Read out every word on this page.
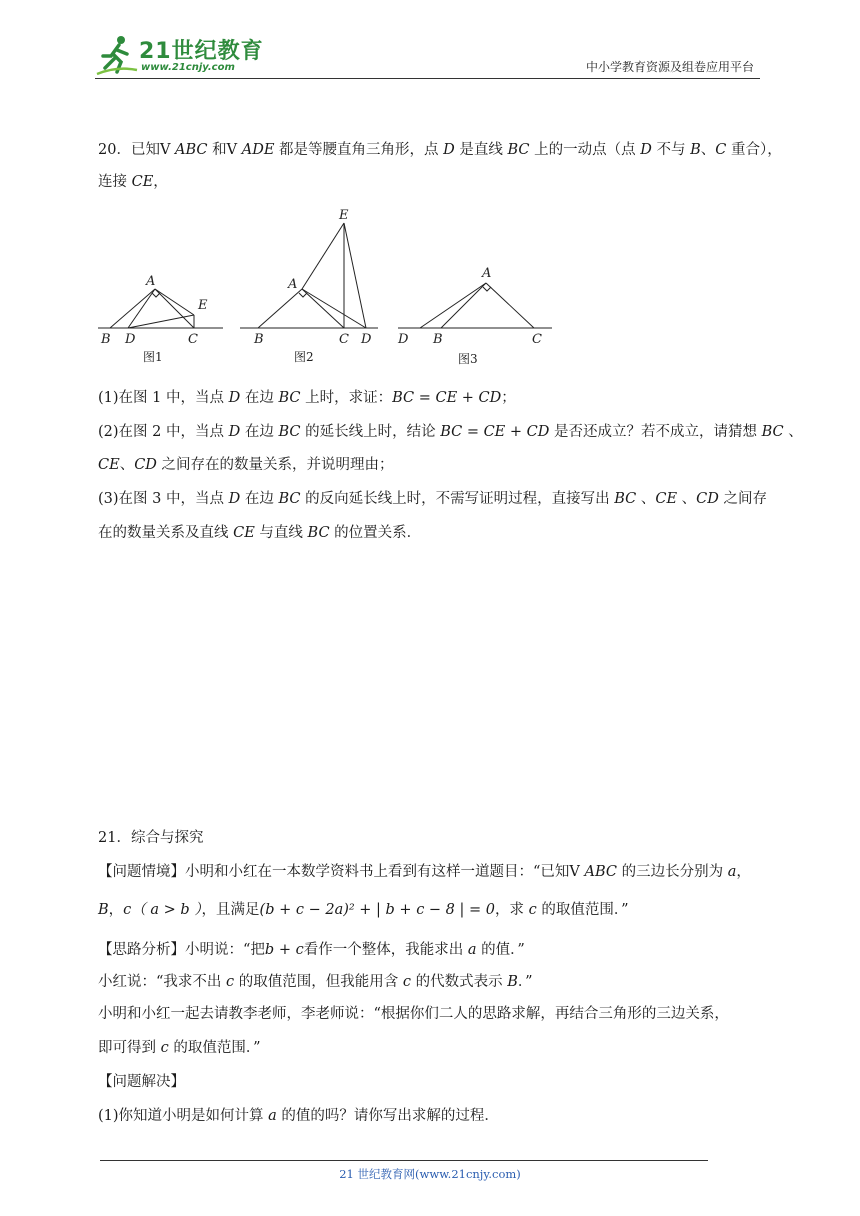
21世纪教育
www.21cnjy.com	中小学教育资源及组卷应用平台
20．已知V ABC 和V ADE 都是等腰直角三角形，点 D 是直线 BC 上的一动点（点 D 不与 B、C 重合），
连接 CE，
A
E
B D	C
图1
E
A
B	C D
图2
A
D B	C
图3
(1)在图 1 中，当点 D 在边 BC 上时，求证：BC = CE + CD；
(2)在图 2 中，当点 D 在边 BC 的延长线上时，结论 BC = CE + CD 是否还成立？若不成立，请猜想 BC 、
CE、CD 之间存在的数量关系，并说明理由；
(3)在图 3 中，当点 D 在边 BC 的反向延长线上时，不需写证明过程，直接写出 BC 、CE 、CD 之间存
在的数量关系及直线 CE 与直线 BC 的位置关系．
21．综合与探究
【问题情境】小明和小红在一本数学资料书上看到有这样一道题目：“已知V ABC 的三边长分别为 a，
B，c（ a > b ），且满足(b + c − 2a)² + | b + c − 8 | = 0，求 c 的取值范围．”
【思路分析】小明说：“把b + c看作一个整体，我能求出 a 的值．”
小红说：“我求不出 c 的取值范围，但我能用含 c 的代数式表示 B．”
小明和小红一起去请教李老师，李老师说：“根据你们二人的思路求解，再结合三角形的三边关系，
即可得到 c 的取值范围．”
【问题解决】
(1)你知道小明是如何计算 a 的值的吗？请你写出求解的过程．
21 世纪教育网(www.21cnjy.com)
